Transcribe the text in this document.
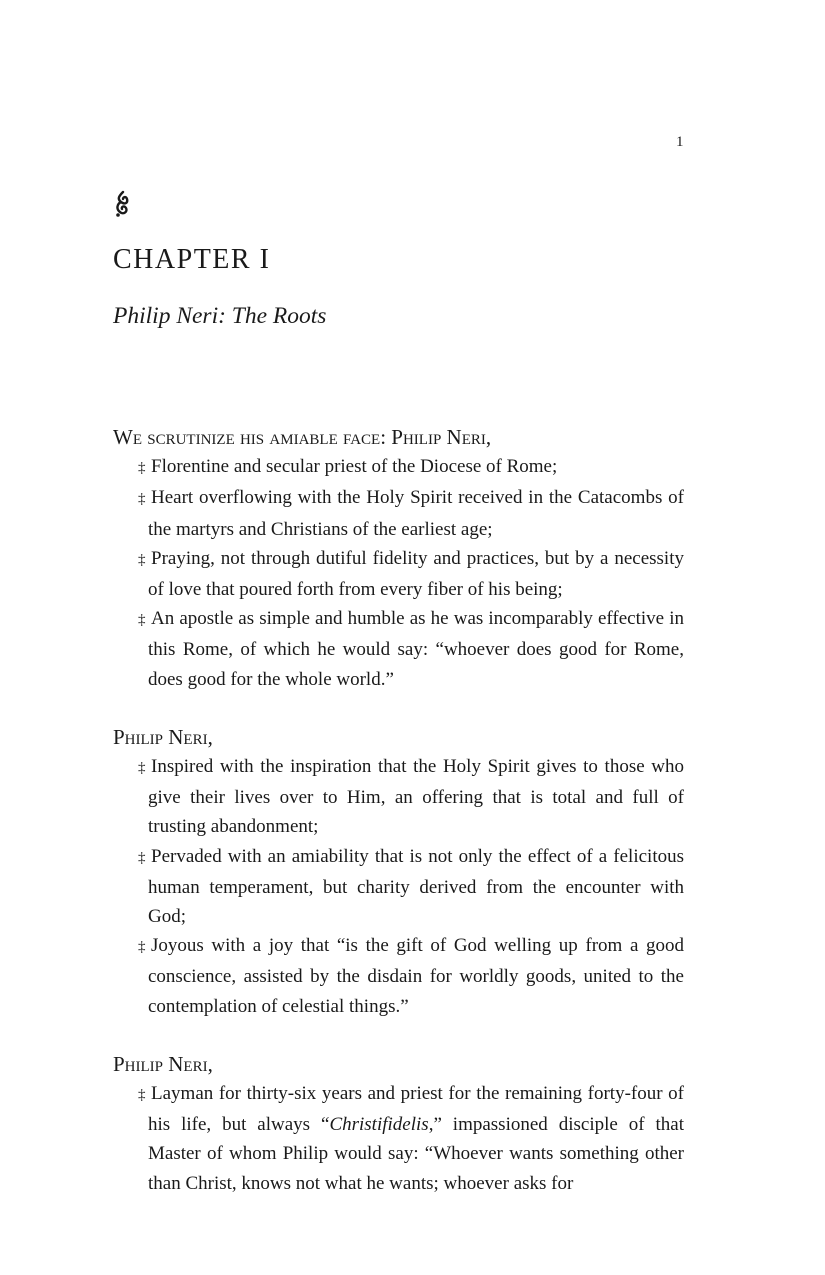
1
CHAPTER I
Philip Neri: The Roots

We scrutinize his amiable face: Philip Neri,

‡ Florentine and secular priest of the Diocese of Rome;

‡ Heart overflowing with the Holy Spirit received in the Catacombs of the martyrs and Christians of the earliest age;

‡ Praying, not through dutiful fidelity and practices, but by a necessity of love that poured forth from every fiber of his being;

‡ An apostle as simple and humble as he was incomparably effective in this Rome, of which he would say: “whoever does good for Rome, does good for the whole world.”

Philip Neri,

‡ Inspired with the inspiration that the Holy Spirit gives to those who give their lives over to Him, an offering that is total and full of trusting abandonment;

‡ Pervaded with an amiability that is not only the effect of a felicitous human temperament, but charity derived from the encounter with God;

‡ Joyous with a joy that “is the gift of God welling up from a good conscience, assisted by the disdain for worldly goods, united to the contemplation of celestial things.”

Philip Neri,

‡ Layman for thirty-six years and priest for the remaining forty-four of his life, but always “Christifidelis,” impassioned disciple of that Master of whom Philip would say: “Whoever wants something other than Christ, knows not what he wants; whoever asks for
